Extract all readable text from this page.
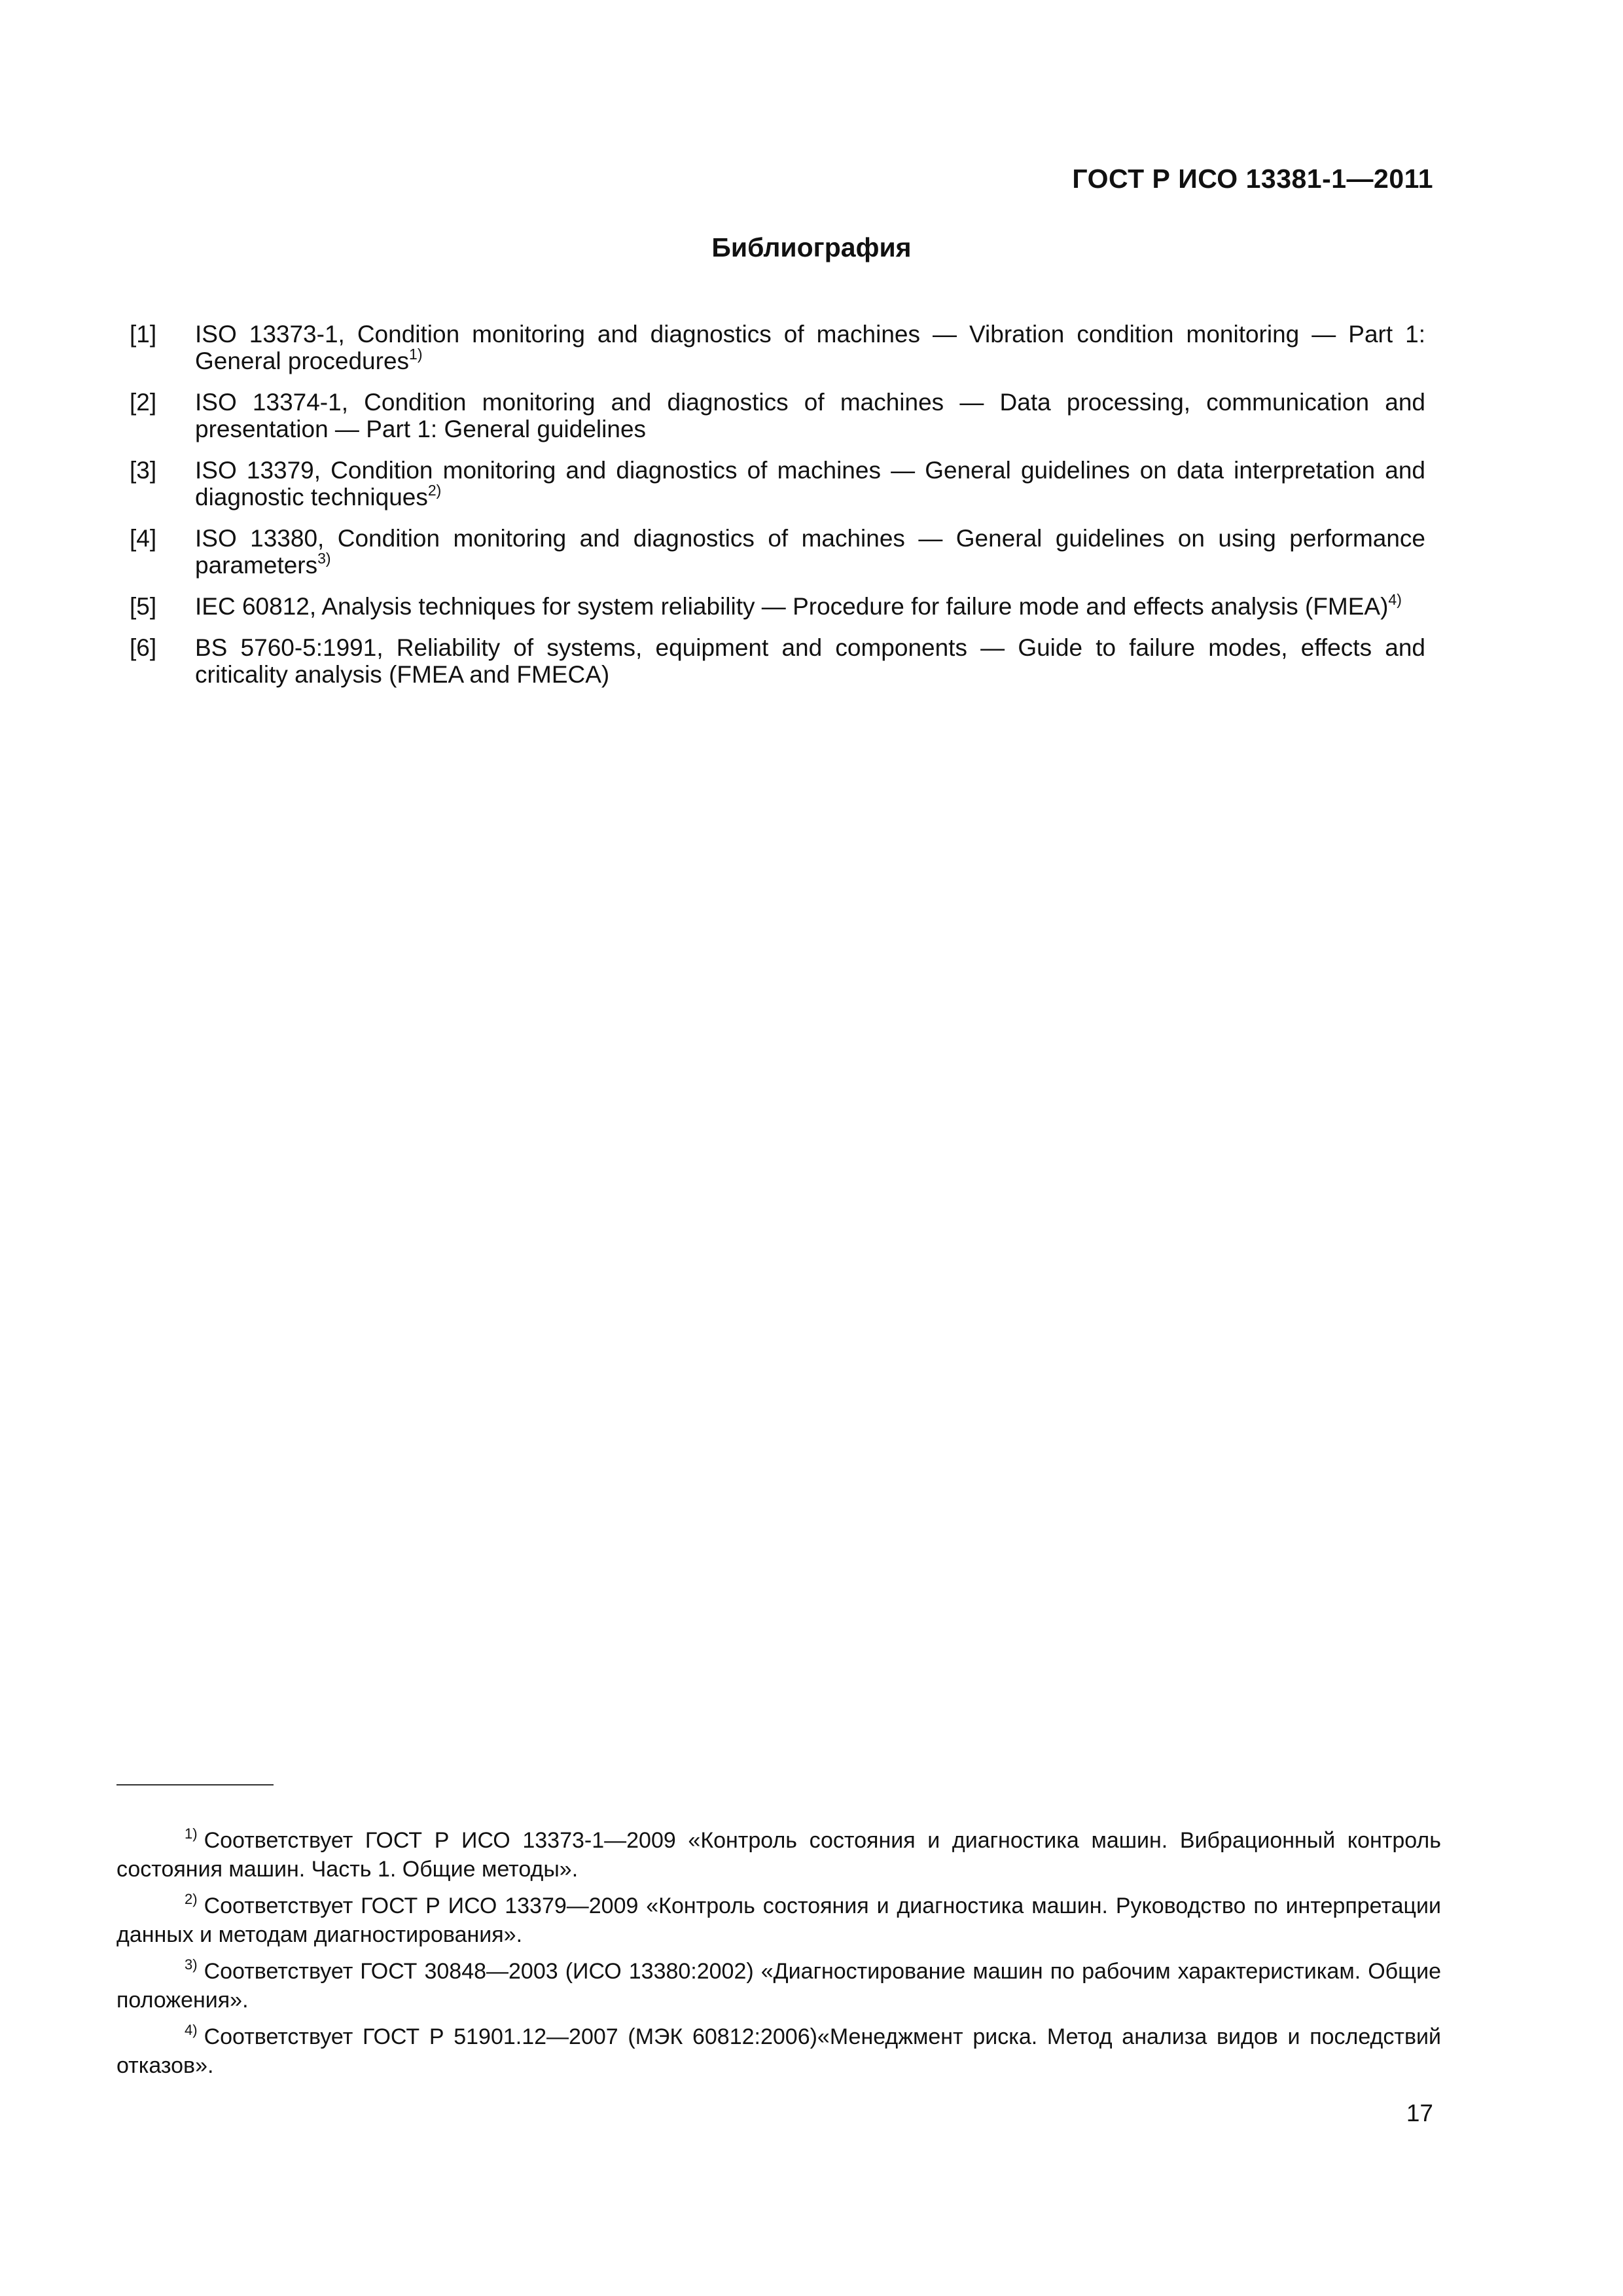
ГОСТ Р ИСО 13381-1—2011
Библиография
[1] ISO 13373-1, Condition monitoring and diagnostics of machines — Vibration condition monitoring — Part 1: General procedures$^{1)}$
[2] ISO 13374-1, Condition monitoring and diagnostics of machines — Data processing, communication and presentation — Part 1: General guidelines
[3] ISO 13379, Condition monitoring and diagnostics of machines — General guidelines on data interpretation and diagnostic techniques$^{2)}$
[4] ISO 13380, Condition monitoring and diagnostics of machines — General guidelines on using performance parameters$^{3)}$
[5] IEC 60812, Analysis techniques for system reliability — Procedure for failure mode and effects analysis (FMEA)$^{4)}$
[6] BS 5760-5:1991, Reliability of systems, equipment and components — Guide to failure modes, effects and criticality analysis (FMEA and FMECA)

$^{1)}$ Соответствует ГОСТ Р ИСО 13373-1—2009 «Контроль состояния и диагностика машин. Вибрационный контроль состояния машин. Часть 1. Общие методы».

$^{2)}$ Соответствует ГОСТ Р ИСО 13379—2009 «Контроль состояния и диагностика машин. Руководство по интерпретации данных и методам диагностирования».

$^{3)}$ Соответствует ГОСТ 30848—2003 (ИСО 13380:2002) «Диагностирование машин по рабочим характеристикам. Общие положения».

$^{4)}$ Соответствует ГОСТ Р 51901.12—2007 (МЭК 60812:2006)«Менеджмент риска. Метод анализа видов и последствий отказов».

17
